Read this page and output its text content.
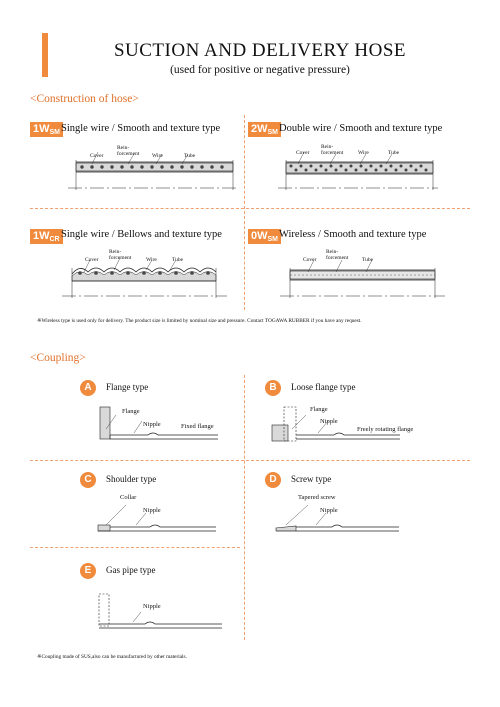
SUCTION AND DELIVERY HOSE
(used for positive or negative pressure)
<Construction of hose>
$1W_{SM}$ Single wire / Smooth and texture type
Cover
Rein-
forcement Wire	Tube
$2W_{SM}$ Double wire / Smooth and texture type
Cover
Rein-
forcement	Wire	Tube
$1W_{CR}$ Single wire / Bellows and texture type
Cover
Rein-
forcement	Wire	Tube
$0W_{SM}$ Wireless / Smooth and texture type
Cover
Rein-
forcement Tube
※Wireless type is used only for delivery. The product size is limited by nominal size and pressure. Contact TOGAWA RUBBER if you have any request.
<Coupling>
A	Flange type
Flange
Nipple	Fixed flange
B	Loose flange type
Flange
Nipple
Freely rotating flange
C	Shoulder type
Collar
Nipple
D	Screw type
Tapered screw
Nipple
E	Gas pipe type
Nipple
※Coupling made of SUS,also can be manufactured by other materials.
